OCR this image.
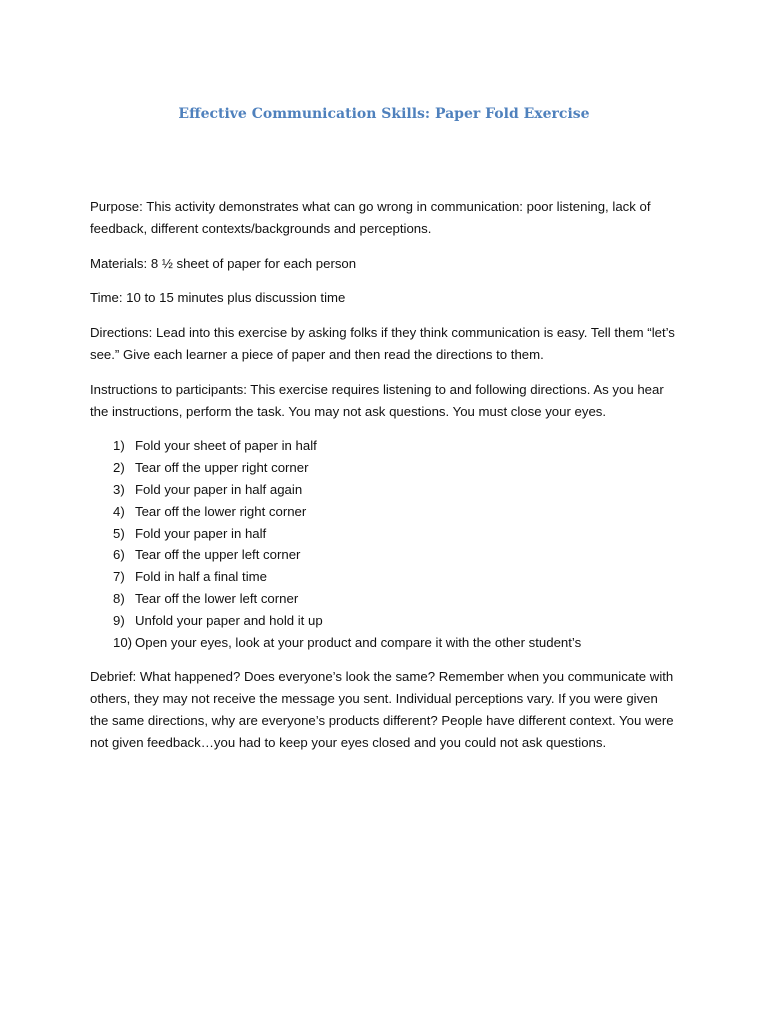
Effective Communication Skills: Paper Fold Exercise

Purpose: This activity demonstrates what can go wrong in communication: poor listening, lack of feedback, different contexts/backgrounds and perceptions.

Materials: 8 ½ sheet of paper for each person

Time: 10 to 15 minutes plus discussion time

Directions: Lead into this exercise by asking folks if they think communication is easy. Tell them “let’s see.” Give each learner a piece of paper and then read the directions to them.

Instructions to participants: This exercise requires listening to and following directions. As you hear the instructions, perform the task. You may not ask questions. You must close your eyes.

1) Fold your sheet of paper in half
2) Tear off the upper right corner
3) Fold your paper in half again
4) Tear off the lower right corner
5) Fold your paper in half
6) Tear off the upper left corner
7) Fold in half a final time
8) Tear off the lower left corner
9) Unfold your paper and hold it up
10) Open your eyes, look at your product and compare it with the other student’s

Debrief: What happened? Does everyone’s look the same? Remember when you communicate with others, they may not receive the message you sent. Individual perceptions vary. If you were given the same directions, why are everyone’s products different? People have different context. You were not given feedback…you had to keep your eyes closed and you could not ask questions.
